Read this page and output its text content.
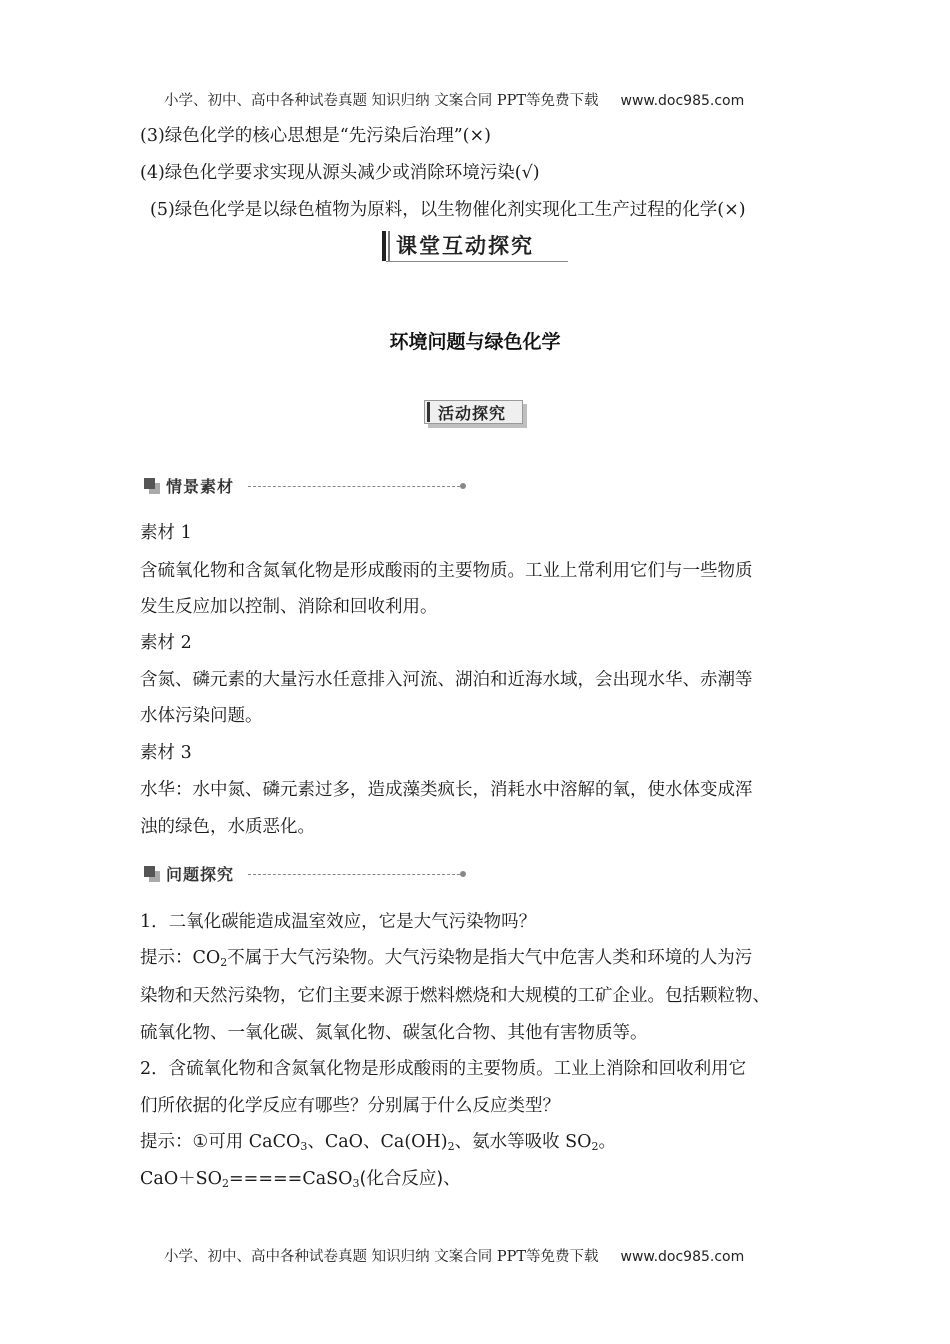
小学、初中、高中各种试卷真题 知识归纳 文案合同 PPT等免费下载 www.doc985.com
(3)绿色化学的核心思想是“先污染后治理”(×)
(4)绿色化学要求实现从源头减少或消除环境污染(√)
(5)绿色化学是以绿色植物为原料，以生物催化剂实现化工生产过程的化学(×)
课堂互动探究
环境问题与绿色化学
活动探究
情景素材
素材 1
含硫氧化物和含氮氧化物是形成酸雨的主要物质。工业上常利用它们与一些物质
发生反应加以控制、消除和回收利用。
素材 2
含氮、磷元素的大量污水任意排入河流、湖泊和近海水域，会出现水华、赤潮等
水体污染问题。
素材 3
水华：水中氮、磷元素过多，造成藻类疯长，消耗水中溶解的氧，使水体变成浑
浊的绿色，水质恶化。
问题探究
1．二氧化碳能造成温室效应，它是大气污染物吗？
提示：$CO_2$不属于大气污染物。大气污染物是指大气中危害人类和环境的人为污
染物和天然污染物，它们主要来源于燃料燃烧和大规模的工矿企业。包括颗粒物、
硫氧化物、一氧化碳、氮氧化物、碳氢化合物、其他有害物质等。
2．含硫氧化物和含氮氧化物是形成酸雨的主要物质。工业上消除和回收利用它
们所依据的化学反应有哪些？分别属于什么反应类型？
提示：①可用 CaCO$_3$、CaO、$Ca(OH)_2$、氨水等吸收 $SO_2$。
$CaO+SO_2=====CaSO_3$(化合反应)、
小学、初中、高中各种试卷真题 知识归纳 文案合同 PPT等免费下载 www.doc985.com
